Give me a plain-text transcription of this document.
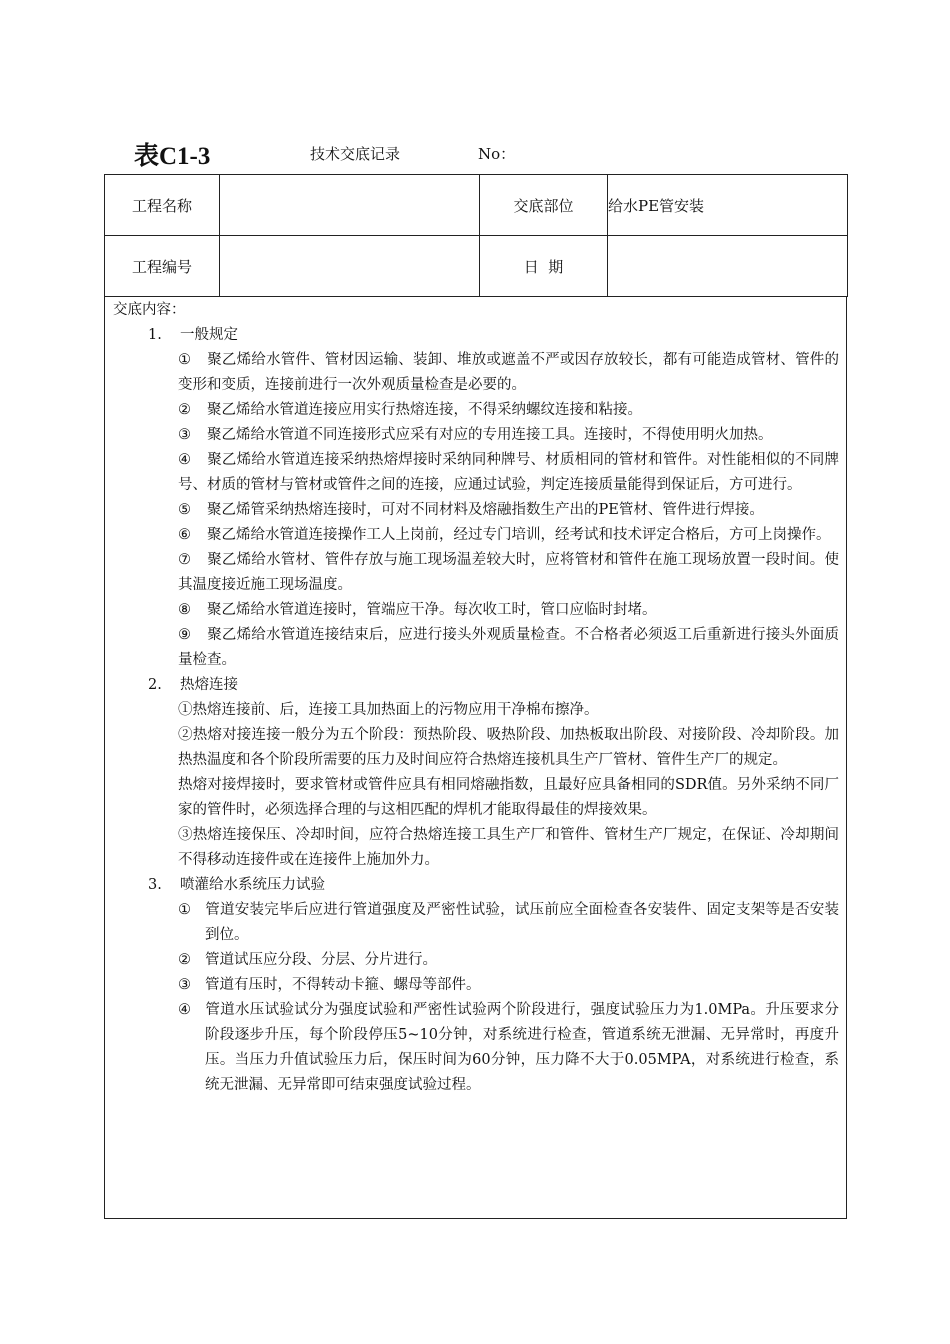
表C1-3	技术交底记录	No：
工程名称		交底部位	给水PE管安装
工程编号		日  期	

交底内容：

1. 一般规定

① 聚乙烯给水管件、管材因运输、装卸、堆放或遮盖不严或因存放较长，都有可能造成管材、管件的变形和变质，连接前进行一次外观质量检查是必要的。

② 聚乙烯给水管道连接应用实行热熔连接，不得采纳螺纹连接和粘接。

③ 聚乙烯给水管道不同连接形式应采有对应的专用连接工具。连接时，不得使用明火加热。

④ 聚乙烯给水管道连接采纳热熔焊接时采纳同种牌号、材质相同的管材和管件。对性能相似的不同牌号、材质的管材与管材或管件之间的连接，应通过试验，判定连接质量能得到保证后，方可进行。

⑤ 聚乙烯管采纳热熔连接时，可对不同材料及熔融指数生产出的PE管材、管件进行焊接。

⑥ 聚乙烯给水管道连接操作工人上岗前，经过专门培训，经考试和技术评定合格后，方可上岗操作。

⑦ 聚乙烯给水管材、管件存放与施工现场温差较大时，应将管材和管件在施工现场放置一段时间。使其温度接近施工现场温度。

⑧ 聚乙烯给水管道连接时，管端应干净。每次收工时，管口应临时封堵。

⑨ 聚乙烯给水管道连接结束后，应进行接头外观质量检查。不合格者必须返工后重新进行接头外面质量检查。

2. 热熔连接

①热熔连接前、后，连接工具加热面上的污物应用干净棉布擦净。

②热熔对接连接一般分为五个阶段：预热阶段、吸热阶段、加热板取出阶段、对接阶段、冷却阶段。加热热温度和各个阶段所需要的压力及时间应符合热熔连接机具生产厂管材、管件生产厂的规定。

热熔对接焊接时，要求管材或管件应具有相同熔融指数，且最好应具备相同的SDR值。另外采纳不同厂家的管件时，必须选择合理的与这相匹配的焊机才能取得最佳的焊接效果。

③热熔连接保压、冷却时间，应符合热熔连接工具生产厂和管件、管材生产厂规定，在保证、冷却期间不得移动连接件或在连接件上施加外力。

3. 喷灌给水系统压力试验

① 管道安装完毕后应进行管道强度及严密性试验，试压前应全面检查各安装件、固定支架等是否安装到位。

② 管道试压应分段、分层、分片进行。

③ 管道有压时，不得转动卡箍、螺母等部件。

④ 管道水压试验试分为强度试验和严密性试验两个阶段进行，强度试验压力为1.0MPa。升压要求分阶段逐步升压，每个阶段停压5~10分钟，对系统进行检查，管道系统无泄漏、无异常时，再度升压。当压力升值试验压力后，保压时间为60分钟，压力降不大于0.05MPA，对系统进行检查，系统无泄漏、无异常即可结束强度试验过程。
